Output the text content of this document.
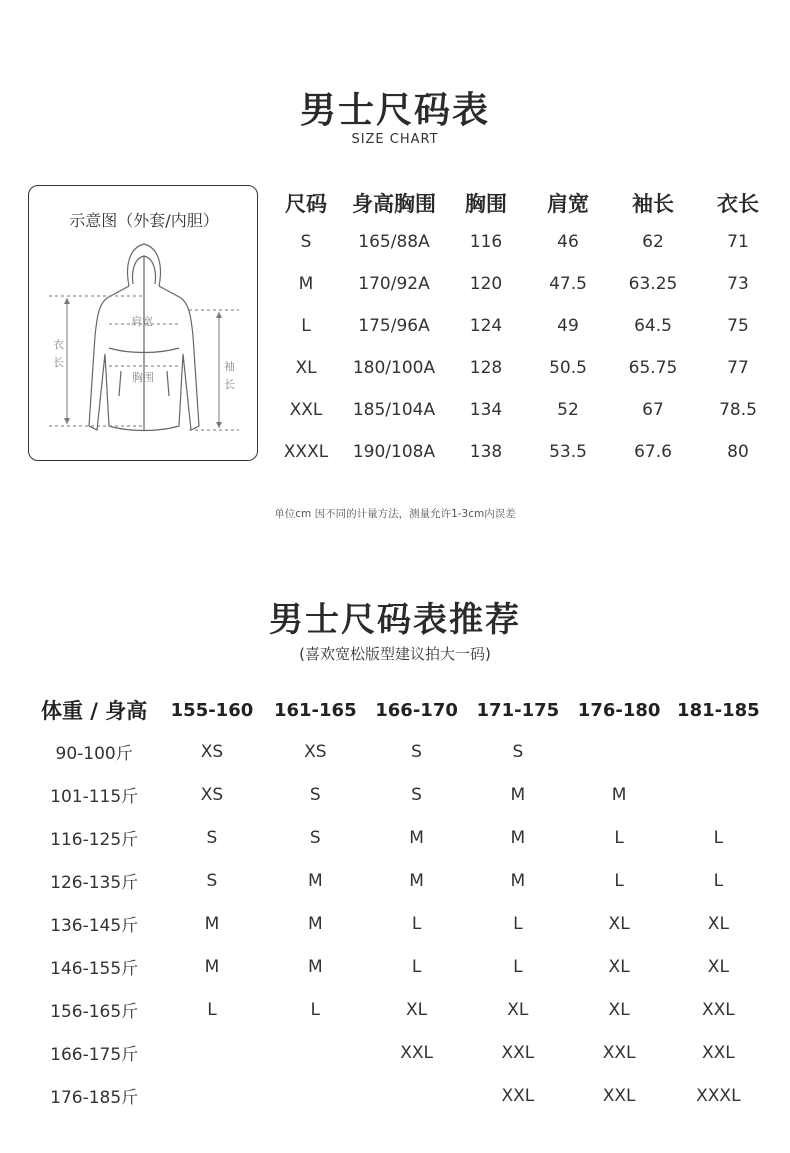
男士尺码表
SIZE CHART
示意图（外套/内胆）
肩宽
胸围
衣 长	袖 长
尺码	身高胸围	胸围	肩宽	袖长	衣长
S	165/88A	116	46	62	71
M	170/92A	120	47.5	63.25	73
L	175/96A	124	49	64.5	75
XL	180/100A	128	50.5	65.75	77
XXL	185/104A	134	52	67	78.5
XXXL	190/108A	138	53.5	67.6	80
单位cm 因不同的计量方法，测量允许1-3cm内误差
男士尺码表推荐
(喜欢宽松版型建议拍大一码)
体重 / 身高	155-160	161-165	166-170	171-175	176-180	181-185
90-100斤	XS	XS	S	S		
101-115斤	XS	S	S	M	M	
116-125斤	S	S	M	M	L	L
126-135斤	S	M	M	M	L	L
136-145斤	M	M	L	L	XL	XL
146-155斤	M	M	L	L	XL	XL
156-165斤	L	L	XL	XL	XL	XXL
166-175斤			XXL	XXL	XXL	XXL
176-185斤				XXL	XXL	XXXL
